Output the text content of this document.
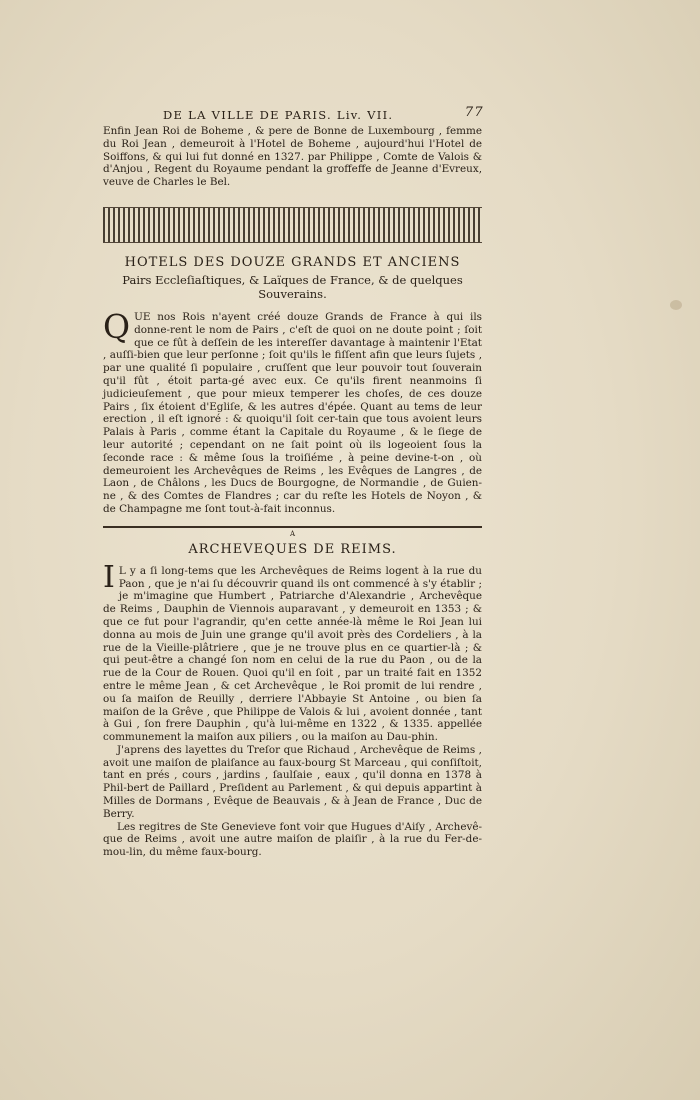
DE LA VILLE DE PARIS. Liv. VII.	77

Enfin Jean Roi de Boheme , & pere de Bonne de Luxembourg , femme du Roi Jean , demeuroit à l'Hotel de Boheme , aujourd'hui l'Hotel de Soiffons, & qui lui fut donné en 1327. par Philippe , Comte de Valois & d'Anjou , Regent du Royaume pendant la groffeffe de Jeanne d'Evreux, veuve de Charles le Bel.

HOTELS DES DOUZE GRANDS ET ANCIENS
Pairs Eccleſiaſtiques, & Laïques de France, & de quelques Souverains.
Q UE nos Rois n'ayent créé douze Grands de France à qui ils donne-rent le nom de Pairs , c'eſt de quoi on ne doute point ; ſoit que ce fût à deſſein de les intereſſer davantage à maintenir l'Etat , auſſi-bien que leur perſonne ; ſoit qu'ils le fiſſent afin que leurs ſujets , par une qualité ſi populaire , cruſſent que leur pouvoir tout ſouverain qu'il fût , étoit parta-gé avec eux. Ce qu'ils firent neanmoins ſi judicieuſement , que pour mieux temperer les choſes, de ces douze Pairs , ſix étoient d'Egliſe, & les autres d'épée. Quant au tems de leur erection , il eſt ignoré : & quoiqu'il ſoit cer-tain que tous avoient leurs Palais à Paris , comme étant la Capitale du Royaume , & le ſiege de leur autorité ; cependant on ne ſait point où ils logeoient ſous la ſeconde race : & même ſous la troiſiéme , à peine devine-t-on , où demeuroient les Archevêques de Reims , les Evêques de Langres , de Laon , de Châlons , les Ducs de Bourgogne, de Normandie , de Guien-ne , & des Comtes de Flandres ; car du reſte les Hotels de Noyon , & de Champagne me ſont tout-à-fait inconnus.

A
ARCHEVEQUES DE REIMS.
I L y a ſi long-tems que les Archevêques de Reims logent à la rue du Paon , que je n'ai ſu découvrir quand ils ont commencé à s'y établir ; je m'imagine que Humbert , Patriarche d'Alexandrie , Archevêque de Reims , Dauphin de Viennois auparavant , y demeuroit en 1353 ; & que ce fut pour l'agrandir, qu'en cette année-là même le Roi Jean lui donna au mois de Juin une grange qu'il avoit près des Cordeliers , à la rue de la Vieille-plâtriere , que je ne trouve plus en ce quartier-là ; & qui peut-être a changé ſon nom en celui de la rue du Paon , ou de la rue de la Cour de Rouen. Quoi qu'il en ſoit , par un traité fait en 1352 entre le même Jean , & cet Archevêque , le Roi promit de lui rendre , ou ſa maiſon de Reuilly , derriere l'Abbayie St Antoine , ou bien ſa maiſon de la Grêve , que Philippe de Valois & lui , avoient donnée , tant à Gui , ſon frere Dauphin , qu'à lui-même en 1322 , & 1335. appellée communement la maiſon aux piliers , ou la maiſon au Dau-phin.

J'aprens des layettes du Treſor que Richaud , Archevêque de Reims , avoit une maiſon de plaiſance au faux-bourg St Marceau , qui conſiſtoit, tant en prés , cours , jardins , ſaulſaie , eaux , qu'il donna en 1378 à Phil-bert de Paillard , Preſident au Parlement , & qui depuis appartint à Milles de Dormans , Evêque de Beauvais , & à Jean de France , Duc de Berry.

Les regitres de Ste Genevieve font voir que Hugues d'Aiſy , Archevê-que de Reims , avoit une autre maiſon de plaiſir , à la rue du Fer-de-mou-lin, du même faux-bourg.
